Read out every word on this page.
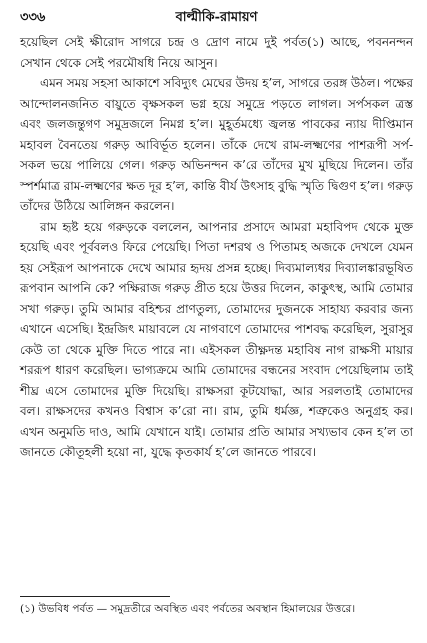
৩৩৬	বাল্মীকি-রামায়ণ

হয়েছিল সেই ক্ষীরোদ সাগরে চন্দ্র ও দ্রোণ নামে দুই পর্বত(১) আছে, পবননন্দন সেখান থেকে সেই পরমৌষধি নিয়ে আসুন।

এমন সময় সহসা আকাশে সবিদ্যুৎ মেঘের উদয় হ’ল, সাগরে তরঙ্গ উঠল। পক্ষের আন্দোলনজনিত বায়ুতে বৃক্ষসকল ভগ্ন হয়ে সমুদ্রে পড়তে লাগল। সর্পসকল ত্রস্ত এবং জলজন্তুগণ সমুদ্রজলে নিমগ্ন হ’ল। মুহূর্তমধ্যে জ্বলন্ত পাবকের ন্যায় দীপ্তিমান মহাবল বৈনতেয় গরুড় আবির্ভূত হলেন। তাঁকে দেখে রাম-লক্ষ্মণের পাশরূপী সর্প-সকল ভয়ে পালিয়ে গেল। গরুড় অভিনন্দন ক’রে তাঁদের মুখ মুছিয়ে দিলেন। তাঁর স্পর্শমাত্র রাম-লক্ষ্মণের ক্ষত দূর হ’ল, কান্তি বীর্য উৎসাহ বুদ্ধি স্মৃতি দ্বিগুণ হ’ল। গরুড় তাঁদের উঠিয়ে আলিঙ্গন করলেন।

রাম হৃষ্ট হয়ে গরুড়কে বললেন, আপনার প্রসাদে আমরা মহাবিপদ থেকে মুক্ত হয়েছি এবং পূর্ববলও ফিরে পেয়েছি। পিতা দশরথ ও পিতামহ অজকে দেখলে যেমন হয় সেইরূপ আপনাকে দেখে আমার হৃদয় প্রসন্ন হচ্ছে। দিব্যমাল্যধর দিব্যালঙ্কারভূষিত রূপবান আপনি কে? পক্ষিরাজ গরুড় প্রীত হয়ে উত্তর দিলেন, কাকুৎস্থ, আমি তোমার সখা গরুড়। তুমি আমার বহিশ্চর প্রাণতুল্য, তোমাদের দুজনকে সাহায্য করবার জন্য এখানে এসেছি। ইন্দ্রজিৎ মায়াবলে যে নাগবাণে তোমাদের পাশবদ্ধ করেছিল, সুরাসুর কেউ তা থেকে মুক্তি দিতে পারে না। এইসকল তীক্ষ্ণদন্ত মহাবিষ নাগ রাক্ষসী মায়ার শররূপ ধারণ করেছিল। ভাগ্যক্রমে আমি তোমাদের বন্ধনের সংবাদ পেয়েছিলাম তাই শীঘ্র এসে তোমাদের মুক্তি দিয়েছি। রাক্ষসরা কূটযোদ্ধা, আর সরলতাই তোমাদের বল। রাক্ষসদের কখনও বিশ্বাস ক’রো না। রাম, তুমি ধর্মজ্ঞ, শত্রুকেও অনুগ্রহ কর। এখন অনুমতি দাও, আমি যেখানে যাই। তোমার প্রতি আমার সখ্যভাব কেন হ’ল তা জানতে কৌতূহলী হয়ো না, যুদ্ধে কৃতকার্য হ’লে জানতে পারবে।

(১) উভবিধ পর্বত — সমুদ্রতীরে অবস্থিত এবং পর্বতের অবস্থান হিমালয়ের উত্তরে।
